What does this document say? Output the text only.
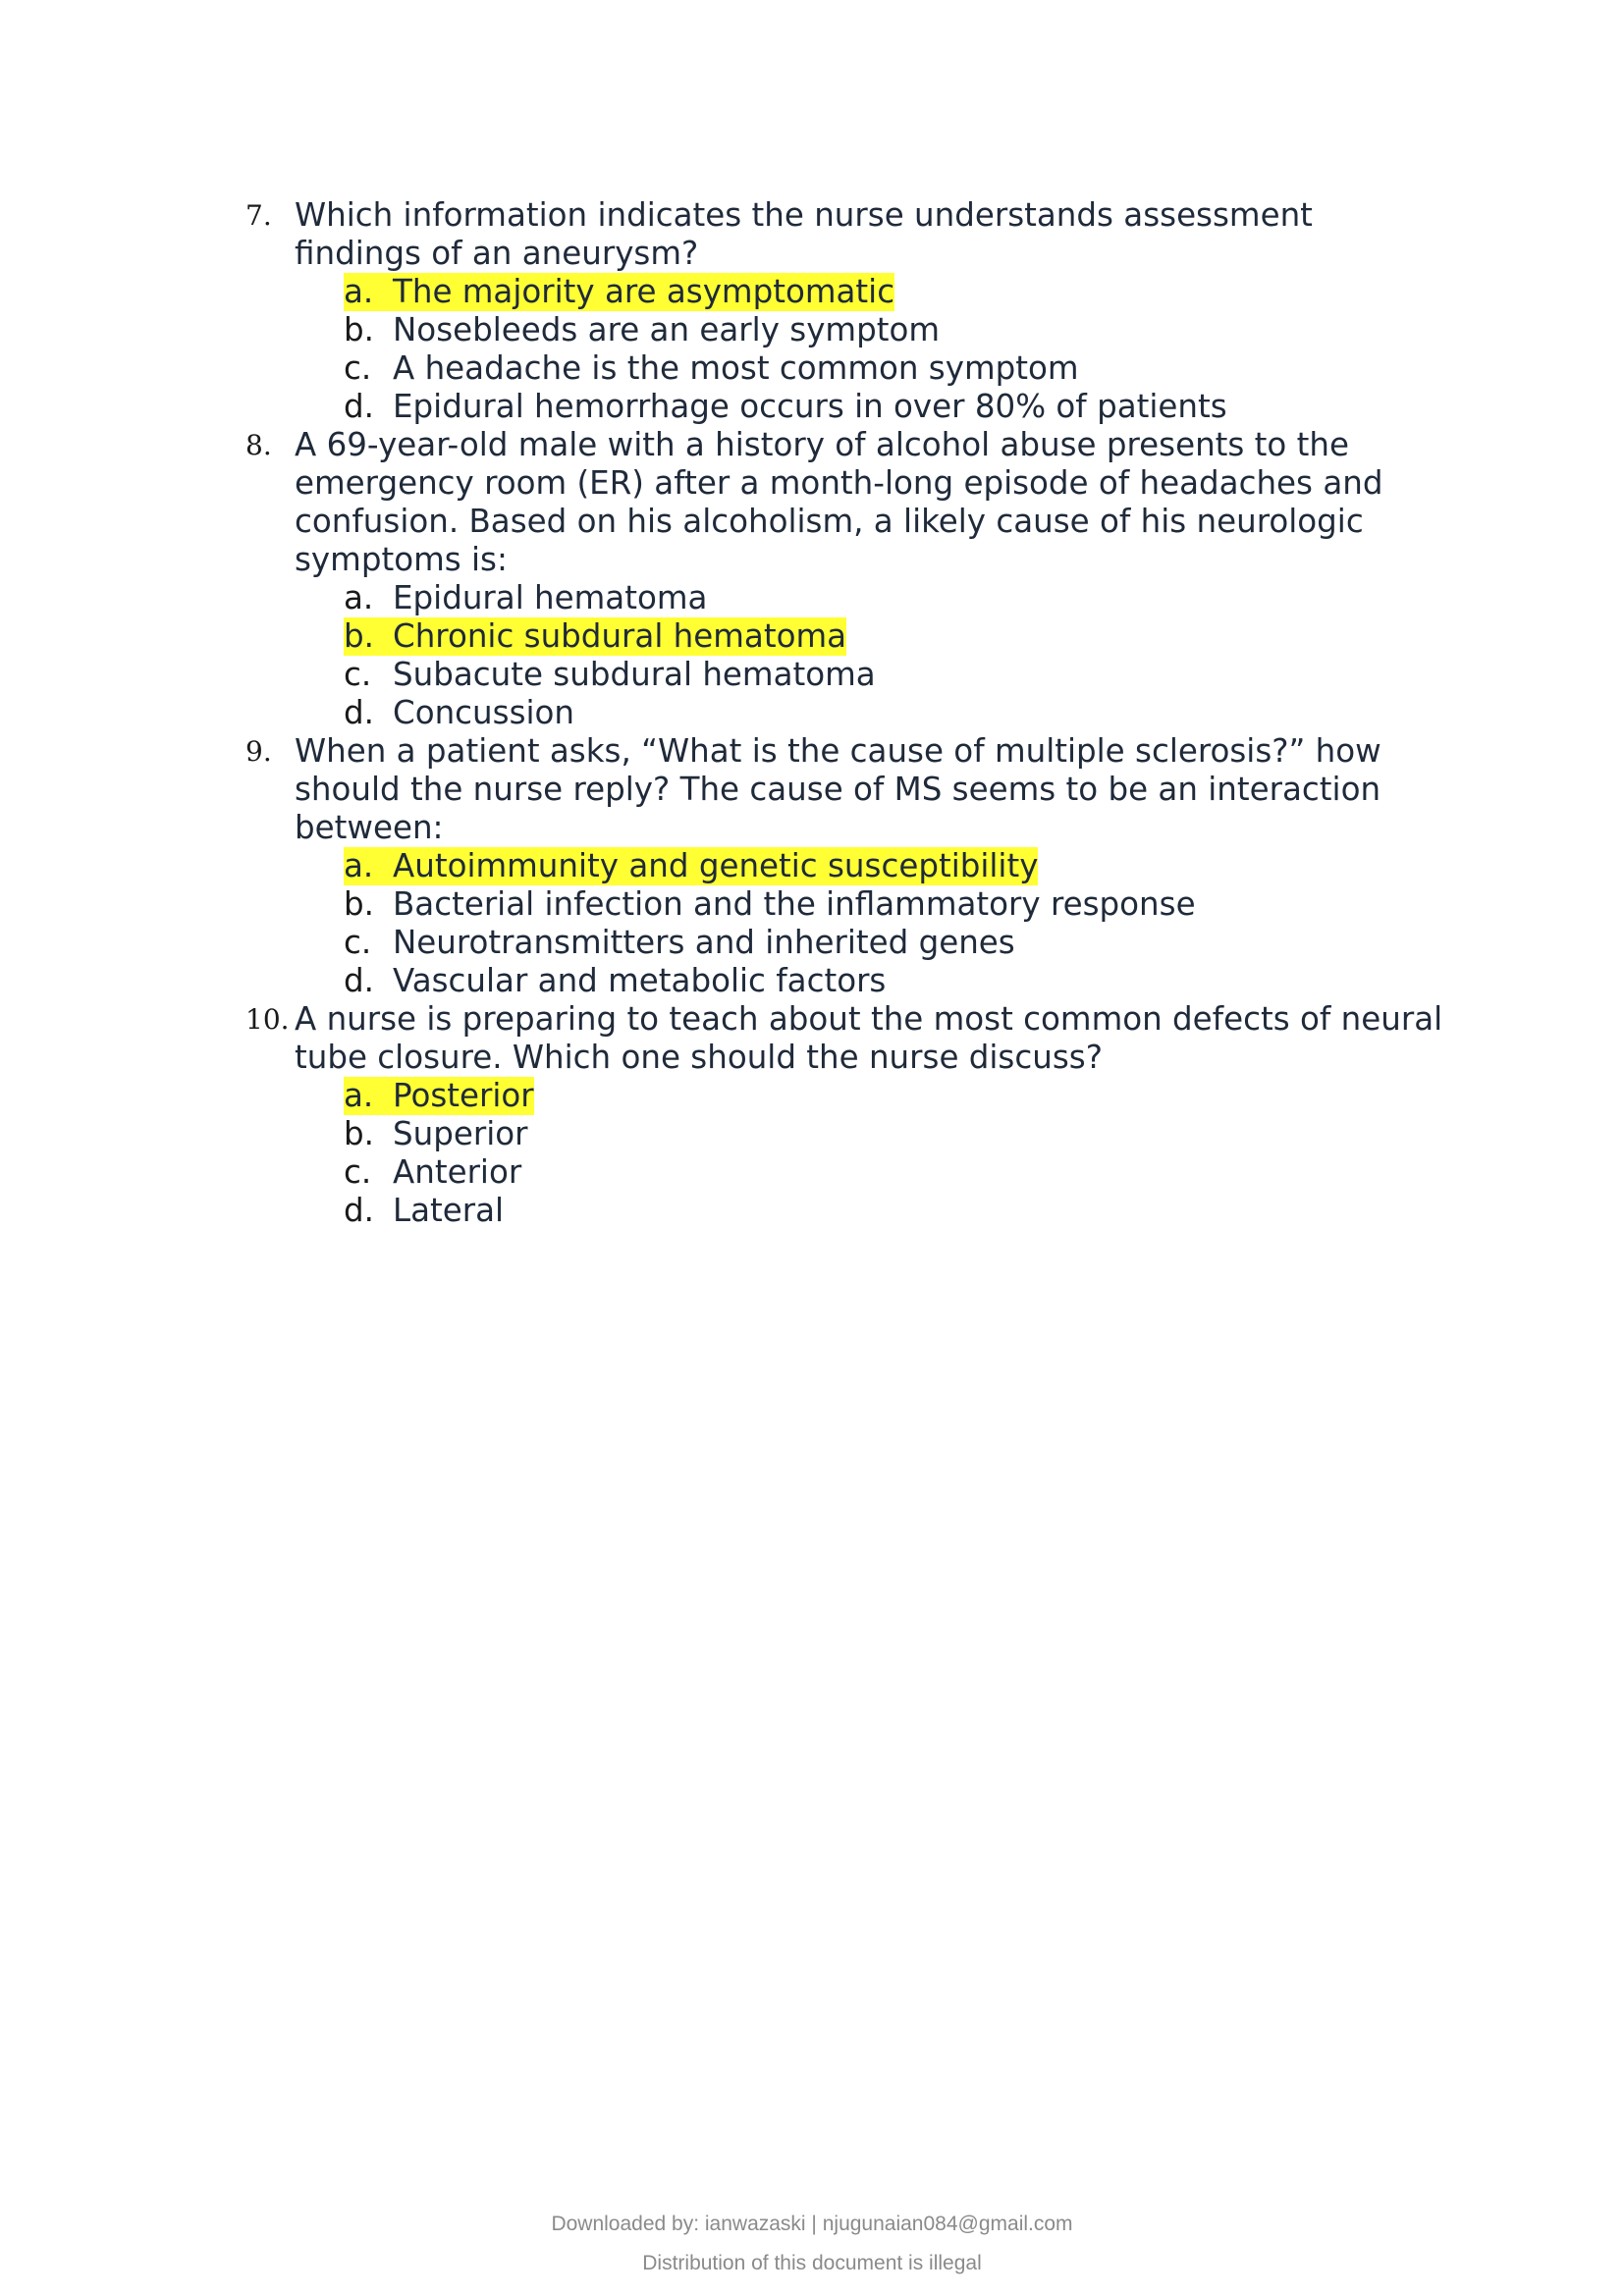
7. Which information indicates the nurse understands assessment findings of an aneurysm?
a. The majority are asymptomatic
b. Nosebleeds are an early symptom
c. A headache is the most common symptom
d. Epidural hemorrhage occurs in over 80% of patients
8. A 69-year-old male with a history of alcohol abuse presents to the emergency room (ER) after a month-long episode of headaches and confusion. Based on his alcoholism, a likely cause of his neurologic symptoms is:
a. Epidural hematoma
b. Chronic subdural hematoma
c. Subacute subdural hematoma
d. Concussion
9. When a patient asks, “What is the cause of multiple sclerosis?” how should the nurse reply? The cause of MS seems to be an interaction between:
a. Autoimmunity and genetic susceptibility
b. Bacterial infection and the inflammatory response
c. Neurotransmitters and inherited genes
d. Vascular and metabolic factors
10. A nurse is preparing to teach about the most common defects of neural tube closure. Which one should the nurse discuss?
a. Posterior
b. Superior
c. Anterior
d. Lateral
Downloaded by: ianwazaski | njugunaian084@gmail.com
Distribution of this document is illegal
